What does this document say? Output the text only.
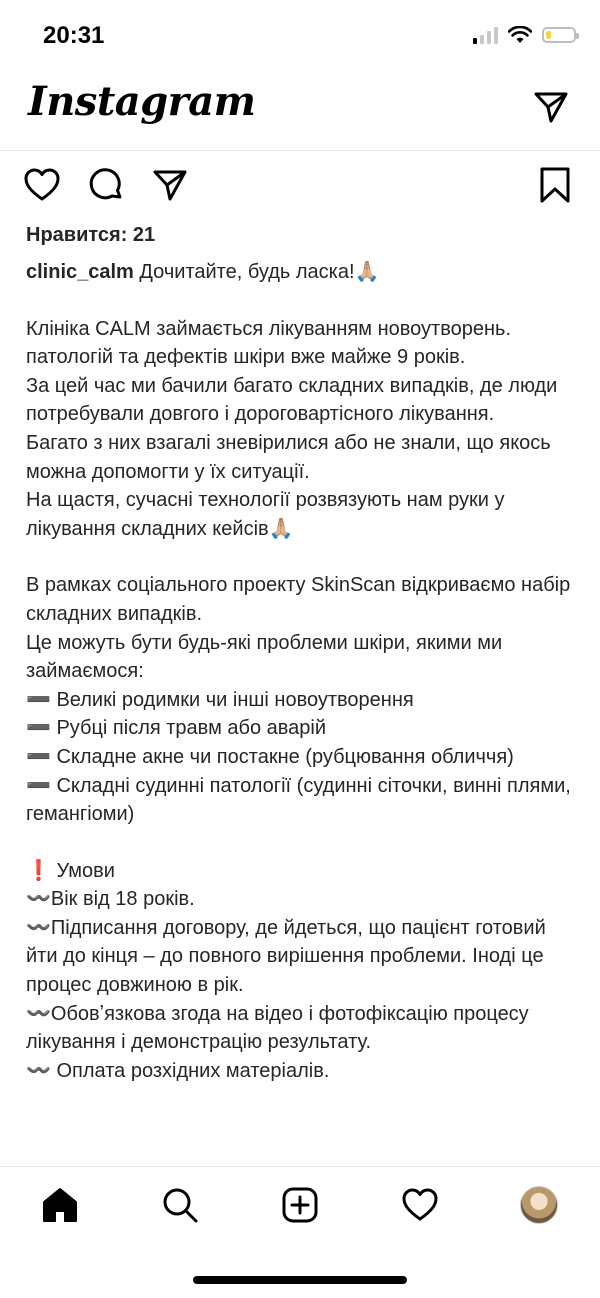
20:31
Instagram
Нравится: 21

clinic_calm Дочитайте, будь ласка!🙏🏼

Клініка CALM займається лікуванням новоутворень. патологій та дефектів шкіри вже майже 9 років.

За цей час ми бачили багато складних випадків, де люди потребували довгого і дороговартісного лікування.

Багато з них взагалі зневірилися або не знали, що якось можна допомогти у їх ситуації.

На щастя, сучасні технології розвязують нам руки у лікування складних кейсів🙏🏼

В рамках соціального проекту SkinScan відкриваємо набір складних випадків.

Це можуть бути будь-які проблеми шкіри, якими ми займаємося:

➖ Великі родимки чи інші новоутворення

➖ Рубці після травм або аварій

➖ Складне акне чи постакне (рубцювання обличчя)

➖ Складні судинні патології (судинні сіточки, винні плями, гемангіоми)

❗️ Умови

〰️Вік від 18 років.

〰️Підписання договору, де йдеться, що пацієнт готовий йти до кінця – до повного вирішення проблеми. Іноді це процес довжиною в рік.

〰️Обовʼязкова згода на відео і фотофіксацію процесу лікування і демонстрацію результату.

〰️ Оплата розхідних матеріалів.
